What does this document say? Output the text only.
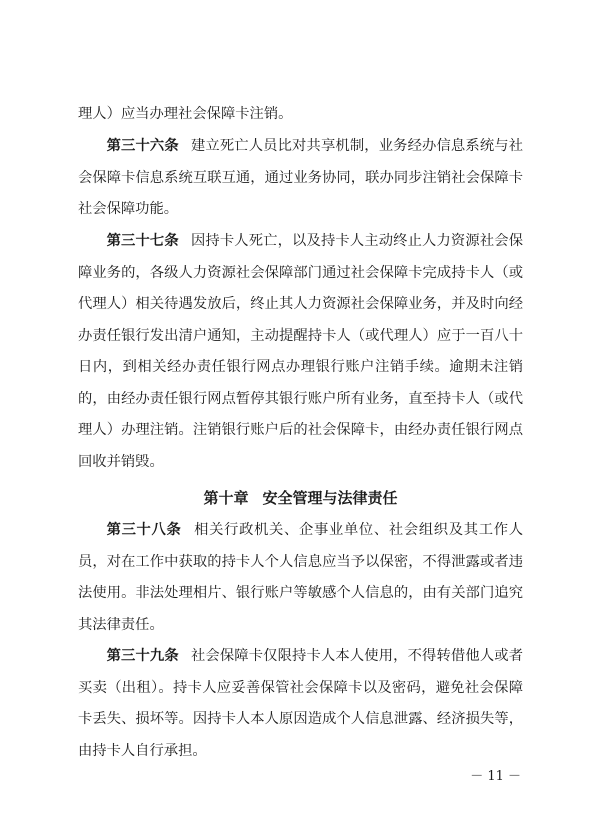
理人）应当办理社会保障卡注销。

第三十六条 建立死亡人员比对共享机制，业务经办信息系统与社会保障卡信息系统互联互通，通过业务协同，联办同步注销社会保障卡社会保障功能。

第三十七条 因持卡人死亡，以及持卡人主动终止人力资源社会保障业务的，各级人力资源社会保障部门通过社会保障卡完成持卡人（或代理人）相关待遇发放后，终止其人力资源社会保障业务，并及时向经办责任银行发出清户通知，主动提醒持卡人（或代理人）应于一百八十日内，到相关经办责任银行网点办理银行账户注销手续。逾期未注销的，由经办责任银行网点暂停其银行账户所有业务，直至持卡人（或代理人）办理注销。注销银行账户后的社会保障卡，由经办责任银行网点回收并销毁。

第十章 安全管理与法律责任

第三十八条 相关行政机关、企事业单位、社会组织及其工作人员，对在工作中获取的持卡人个人信息应当予以保密，不得泄露或者违法使用。非法处理相片、银行账户等敏感个人信息的，由有关部门追究其法律责任。

第三十九条 社会保障卡仅限持卡人本人使用，不得转借他人或者买卖（出租）。持卡人应妥善保管社会保障卡以及密码，避免社会保障卡丢失、损坏等。因持卡人本人原因造成个人信息泄露、经济损失等，由持卡人自行承担。

－ 11 －
